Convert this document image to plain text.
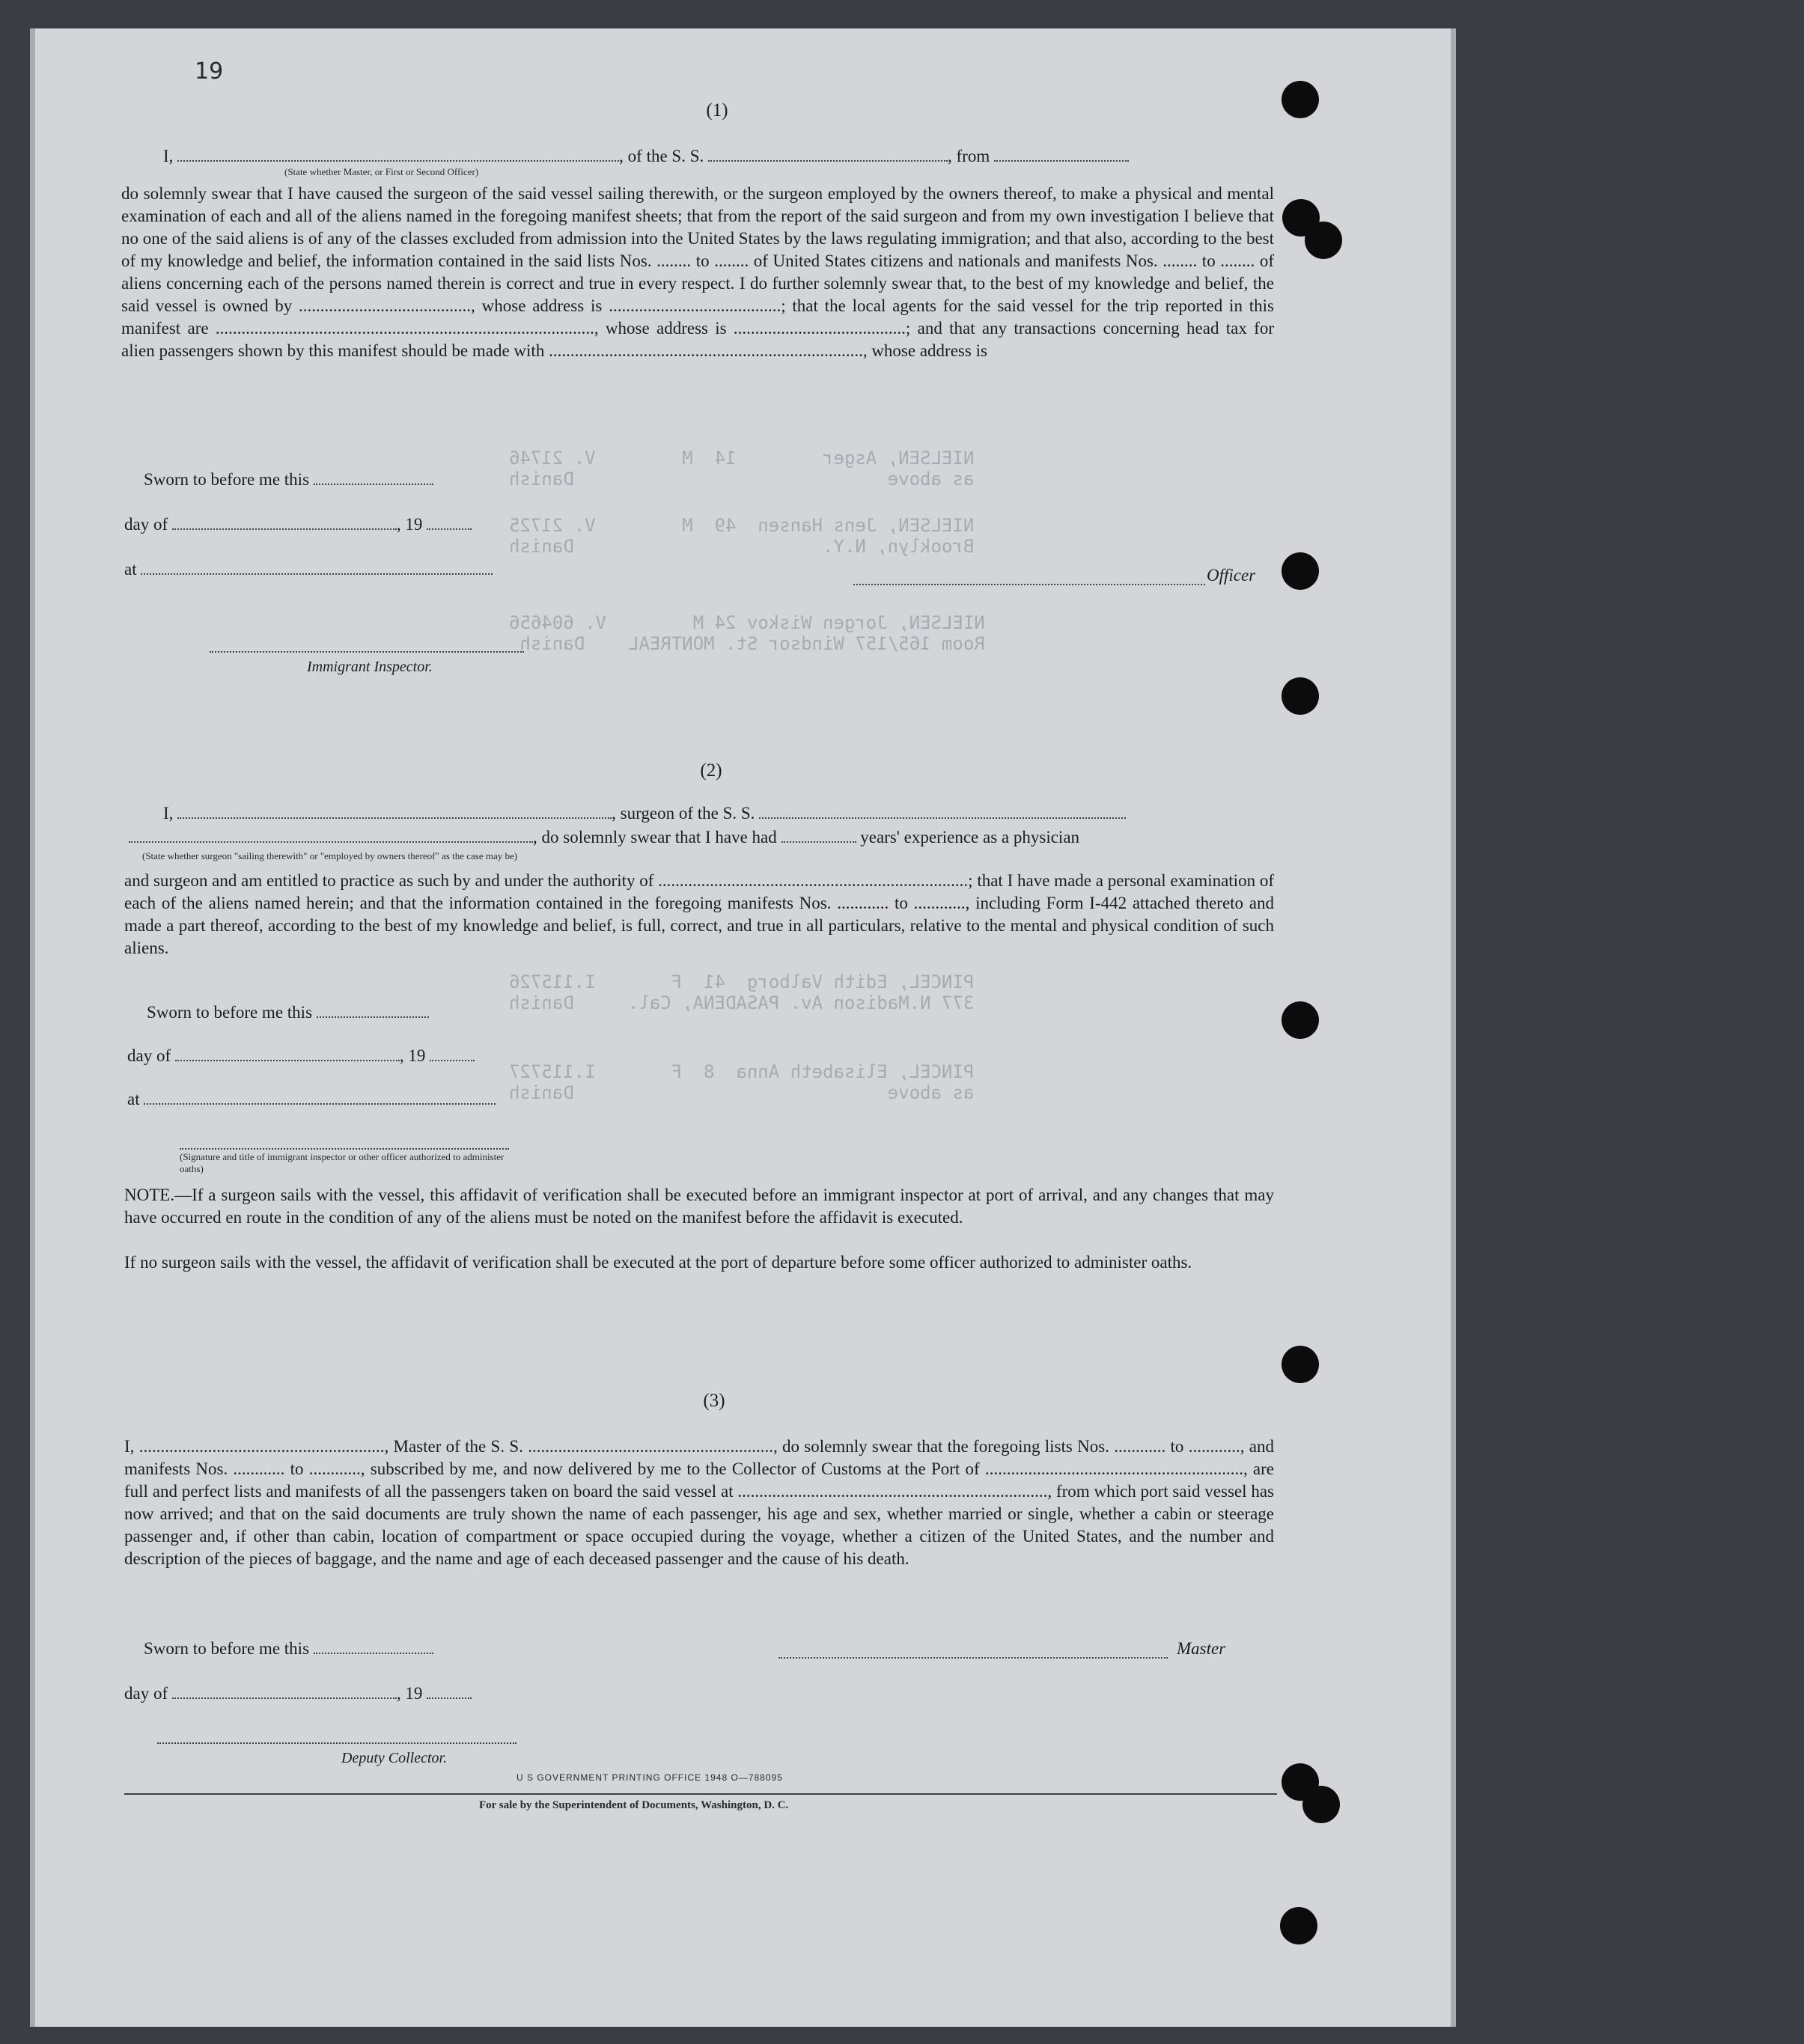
NIELSEN, Asger        14  M        V. 21746
as above                             Danish
NIELSEN, Jens Hansen  49  M        V. 21725
Brooklyn, N.Y.                       Danish
NIELSEN, Jorgen Wiskov 24 M        V. 604656
Room 165/157 Windsor St. MONTREAL    Danish
PINCEL, Edith Valborg  41  F       I.115726
377 N.Madison Av. PASADENA, Cal.     Danish
PINCEL, Elisabeth Anna  8  F       I.115727
as above                             Danish
14 aliens
19
(1)
I,	, of the S. S.	, from
(State whether Master, or First or Second Officer)
do solemnly swear that I have caused the surgeon of the said vessel sailing therewith, or the surgeon employed by the owners thereof, to make a physical and mental examination of each and all of the aliens named in the foregoing manifest sheets; that from the report of the said surgeon and from my own investigation I believe that no one of the said aliens is of any of the classes excluded from admission into the United States by the laws regulating immigration; and that also, according to the best of my knowledge and belief, the information contained in the said lists Nos. ........ to ........ of United States citizens and nationals and manifests Nos. ........ to ........ of aliens concerning each of the persons named therein is correct and true in every respect. I do further solemnly swear that, to the best of my knowledge and belief, the said vessel is owned by ........................................, whose address is ........................................; that the local agents for the said vessel for the trip reported in this manifest are ........................................................................................, whose address is ........................................; and that any transactions concerning head tax for alien passengers shown by this manifest should be made with ........................................................................., whose address is
Sworn to before me this
day of	, 19
at	Officer
Immigrant Inspector.
(2)
I,	, surgeon of the S. S.
, do solemnly swear that I have had	years' experience as a physician
(State whether surgeon "sailing therewith" or "employed by owners thereof" as the case may be)
and surgeon and am entitled to practice as such by and under the authority of ........................................................................; that I have made a personal examination of each of the aliens named herein; and that the information contained in the foregoing manifests Nos. ............ to ............, including Form I-442 attached thereto and made a part thereof, according to the best of my knowledge and belief, is full, correct, and true in all particulars, relative to the mental and physical condition of such aliens.
Sworn to before me this
day of	, 19
at
(Signature and title of immigrant inspector or other officer authorized to administer oaths)
NOTE.—If a surgeon sails with the vessel, this affidavit of verification shall be executed before an immigrant inspector at port of arrival, and any changes that may have occurred en route in the condition of any of the aliens must be noted on the manifest before the affidavit is executed.
If no surgeon sails with the vessel, the affidavit of verification shall be executed at the port of departure before some officer authorized to administer oaths.
(3)
I, ........................................................., Master of the S. S. ........................................................., do solemnly swear that the foregoing lists Nos. ............ to ............, and manifests Nos. ............ to ............, subscribed by me, and now delivered by me to the Collector of Customs at the Port of ............................................................, are full and perfect lists and manifests of all the passengers taken on board the said vessel at ........................................................................, from which port said vessel has now arrived; and that on the said documents are truly shown the name of each passenger, his age and sex, whether married or single, whether a cabin or steerage passenger and, if other than cabin, location of compartment or space occupied during the voyage, whether a citizen of the United States, and the number and description of the pieces of baggage, and the name and age of each deceased passenger and the cause of his death.
Sworn to before me this	Master
day of	, 19
Deputy Collector.
U S GOVERNMENT PRINTING OFFICE 1948 O—788095
For sale by the Superintendent of Documents, Washington, D. C.
